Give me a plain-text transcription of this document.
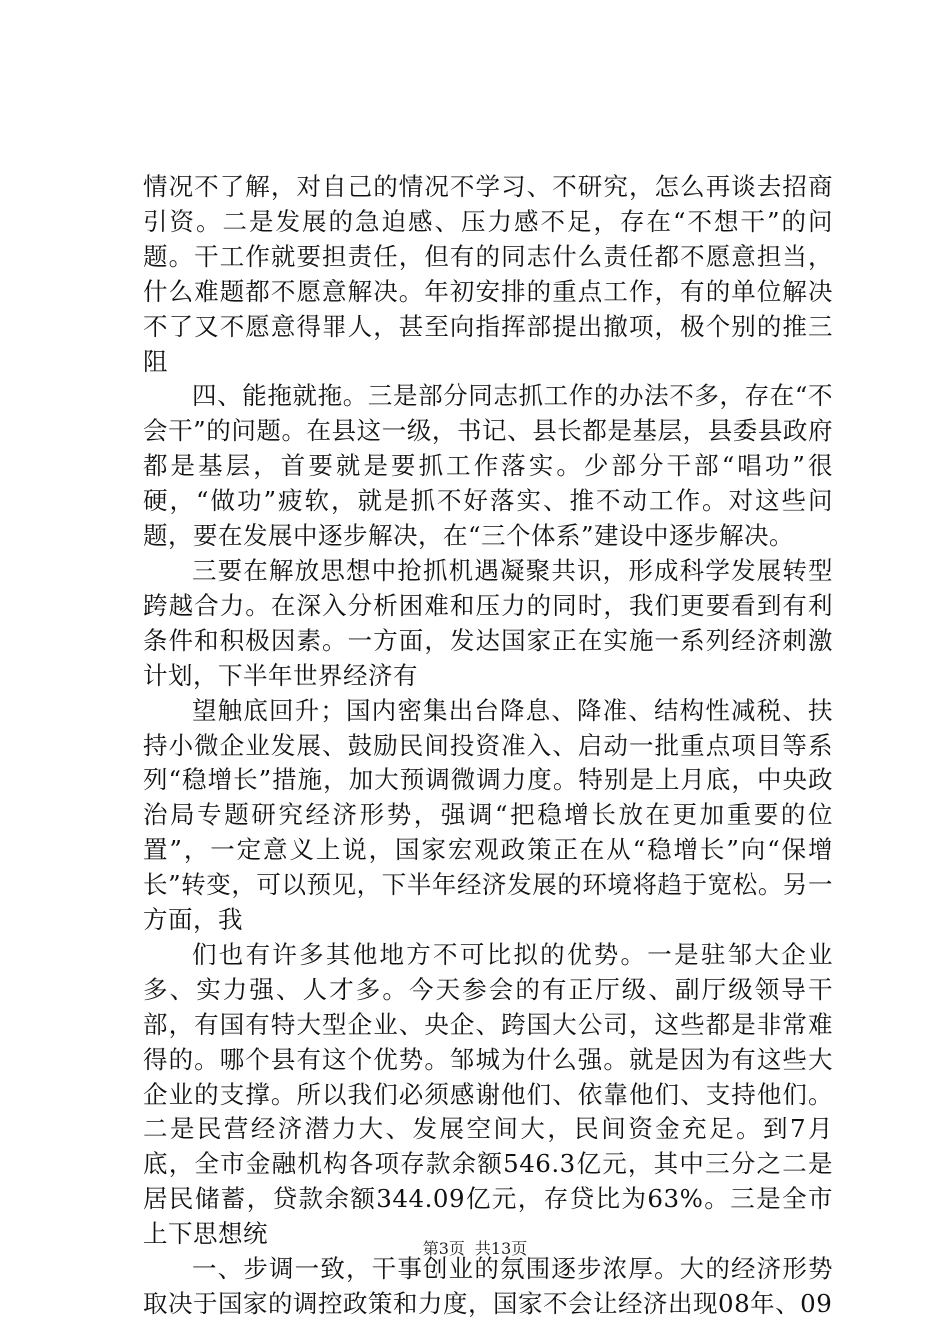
情况不了解，对自己的情况不学习、不研究，怎么再谈去招商引资。二是发展的急迫感、压力感不足，存在“不想干”的问题。干工作就要担责任，但有的同志什么责任都不愿意担当，什么难题都不愿意解决。年初安排的重点工作，有的单位解决不了又不愿意得罪人，甚至向指挥部提出撤项，极个别的推三阻

四、能拖就拖。三是部分同志抓工作的办法不多，存在“不会干”的问题。在县这一级，书记、县长都是基层，县委县政府都是基层，首要就是要抓工作落实。少部分干部“唱功”很硬，“做功”疲软，就是抓不好落实、推不动工作。对这些问题，要在发展中逐步解决，在“三个体系”建设中逐步解决。

三要在解放思想中抢抓机遇凝聚共识，形成科学发展转型跨越合力。在深入分析困难和压力的同时，我们更要看到有利条件和积极因素。一方面，发达国家正在实施一系列经济刺激计划，下半年世界经济有

望触底回升；国内密集出台降息、降准、结构性减税、扶持小微企业发展、鼓励民间投资准入、启动一批重点项目等系列“稳增长”措施，加大预调微调力度。特别是上月底，中央政治局专题研究经济形势，强调“把稳增长放在更加重要的位置”，一定意义上说，国家宏观政策正在从“稳增长”向“保增长”转变，可以预见，下半年经济发展的环境将趋于宽松。另一方面，我

们也有许多其他地方不可比拟的优势。一是驻邹大企业多、实力强、人才多。今天参会的有正厅级、副厅级领导干部，有国有特大型企业、央企、跨国大公司，这些都是非常难得的。哪个县有这个优势。邹城为什么强。就是因为有这些大企业的支撑。所以我们必须感谢他们、依靠他们、支持他们。二是民营经济潜力大、发展空间大，民间资金充足。到7月底，全市金融机构各项存款余额546.3亿元，其中三分之二是居民储蓄，贷款余额344.09亿元，存贷比为63%。三是全市上下思想统

一、步调一致，干事创业的氛围逐步浓厚。大的经济形势取决于国家的调控政策和力度，国家不会让经济出现08年、09

第3页 共13页
